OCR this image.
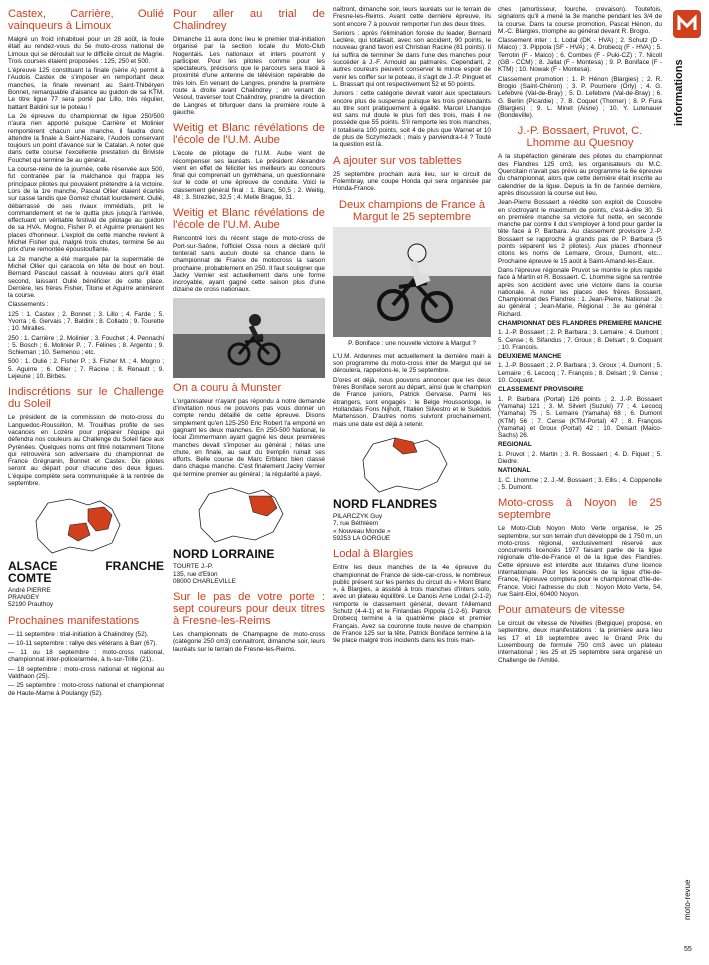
Castex, Carrière, Oulié vainqueurs à Limoux

Malgré un froid inhabituel pour un 28 août, la foule était au rendez-vous du 5e moto-cross national de Limoux qui se déroulait sur le difficile circuit de Magrie. Trois courses étaient proposées : 125, 250 et 500.

L'épreuve 125 constituant la finale (série A) permit à l'Audois Castex de s'imposer en remportant deux manches, la finale revenant au Saint-Thibéryen Bonnet, remarquable d'aisance au guidon de sa KTM. Le titre ligue 77 sera porté par Lillo, très régulier, battant Baldini sur le poteau !

La 2e épreuve du championnat de ligue 250/500 n'aura rien apporté puisque Carrière et Molinier remportèrent chacun une manche, il faudra donc attendre la finale à Saint-Nazaire, l'Audois conservant toujours un point d'avance sur le Catalan. A noter que dans cette course l'excellente prestation du Briviste Fouchet qui termine 3e au général.

La course-reine de la journée, celle réservée aux 500, fut contrariée par la malchance qui frappa les principaux pilotes qui pouvaient prétendre à la victoire. Lors de la 1re manche, Pascal Ollier étaient écartés sur casse tandis que Gomez chutait lourdement. Oulié, débarrassé de ses rivaux immédiats, prit le commandement et ne le quitta plus jusqu'à l'arrivée, effectuant un véritable festival de pilotage au guidon de sa HVA. Mogno, Fisher P. et Aguirre prenaient les places d'honneur. L'exploit de cette manche revient à Michel Fisher qui, malgré trois chutes, termine 5e au prix d'une remontée époustouflante.

La 2e manche a été marquée par la supermatie de Michel Ollier qui caracola en tête de bout en bout. Bernard Pascaul cassait à nouveau alors qu'il était second, laissant Oulié bénéficier de cette place. Derrière, les frères Fisher, Titone et Aguirre animèrent la course.

Classements :

125 : 1. Castex ; 2. Bonnet ; 3. Lillo ; 4. Farde ; 5. Yvorra ; 6. Gervais ; 7. Baldini ; 8. Collado ; 9. Tourette ; 10. Miralles.

250 : 1. Carrière ; 2. Molinier ; 3. Fouchet ; 4. Pennachi ; 5. Bosch ; 6. Molinier P. ; 7. Félines ; 8. Argento ; 9. Schieman ; 10. Semenou ; etc.

500 : 1. Oulié ; 2. Fisher P. ; 3. Fisher M. ; 4. Mogno ; 5. Aguirre ; 6. Ollier ; 7. Racine ; 8. Renault ; 9. Lejeune ; 10. Birbes.

Indiscrétions sur le Challenge du Soleil

Le président de la commission de moto-cross du Languedoc-Roussillon, M. Trouilhas profite de ses vacances en Lozère pour préparer l'équipe qui défendra nos couleurs au Challenge du Soleil face aux Pyrénées. Quelques noms ont filtré notamment Titone qui retrouvera son adversaire du championnat de France Grégnanin, Bonnet et Castex. Dix pilotes seront au départ pour chacune des deux ligues. L'équipe complète sera communiquée à la rentrée de septembre.

ALSACE FRANCHE COMTE
André PIERRE
PRANGEY
52190 Prauthoy
Prochaines manifestations

— 11 septembre : trial-initiation à Chalindrey (52).

— 10-11 septembre : rallye des vétérans à Barr (67).

— 11 ou 18 septembre : moto-cross national, championnat inter-police/armée, à Is-sur-Trille (21).

— 18 septembre : moto-cross national et régional au Valdhaon (25).

— 25 septembre : moto-cross national et championnat de Haute-Marne à Poulangy (52).

Pour aller au trial de Chalindrey

Dimanche 11 aura donc lieu le premier trial-initiation organisé par la section locale du Moto-Club Nogentais. Les nationaux et inters pourront y participer. Pour les pilotes comme pour les spectateurs, précisons que le parcours sera tracé à proximité d'une antenne de télévision repérable de très loin. En venant de Langres, prendre la première route à droite avant Chalindrey ; en venant de Vesoul, traverser tout Chalindrey, prendre la direction de Langres et bifurquer dans la première route à gauche.

Weitig et Blanc révélations de l'école de l'U.M. Aube

L'école de pilotage de l'U.M. Aube vient de récompenser ses lauréats. Le président Alexandre vient en effet de féliciter les meilleurs au concours final qui comprenait un gymkhana, un questionnaire sur le code et une épreuve de conduite. Voici le classement général final : 1. Blanc, 50,5 ; 2. Weitig, 48 ; 3. Strezlec, 32,5 ; 4. Melle Brague, 31.

Weitig et Blanc révélations de l'école de l'U.M. Aube

Rencontré lors du récent stage de moto-cross de Port-sur-Saône, l'officiel Ossa nous a déclaré qu'il tenterait sans aucun doute sa chance dans le championnat de France de motocross la saison prochaine, probablement en 250. Il faut souligner que Jacky Vernier est actuellement dans une forme incroyable, ayant gagné cette saison plus d'une dizaine de cross nationaux.

On a couru à Munster

L'organisateur n'ayant pas répondu à notre demande d'invitation nous ne pouvons pas vous donner un compte rendu détaillé de cette épreuve. Disons simplement qu'en 125-250 Eric Robert l'a emporté en gagnant les deux manches. En 250-500 National, le local Zimmermann ayant gagné les deux premières manches devait s'imposer au général ; hélas une chute, en finale, au saut du tremplin ruinait ses efforts. Belle course de Marc Erblanc bien classé dans chaque manche. C'est finalement Jacky Vernier qui termine premier au général ; la régularité a payé.

NORD LORRAINE
TOURTE J.-P.
135, rue d'Etion
08000 CHARLEVILLE
Sur le pas de votre porte : sept coureurs pour deux titres à Fresne-les-Reims

Les championnats de Champagne de moto-cross (catégorie 250 cm3) connaitront, dimanche soir, leurs lauréats sur le terrain de Fresne-les-Reims.

naîtront, dimanche soir, leurs lauréats sur le terrain de Fresne-les-Reims. Avant cette dernière épreuve, ils sont encore 7 à pouvoir remporter l'un des deux titres.

Seniors : après l'élimination forcée du leader, Bernard Leclère, qui totalisait, avec son accident, 90 points, le nouveau grand favori est Christian Racine (81 points). Il lui suffira de terminer 3e dans l'une des manches pour succéder à J.-F. Arnould au palmarès. Cependant, 2 autres coureurs peuvent conserver le mince espoir de venir les coiffer sur le poteau, il s'agit de J.-P. Pinguet et L. Brassart qui ont respectivement 52 et 50 points.

Juniors : cette catégorie devrait valoir aux spectateurs encore plus de suspense puisque les trois prétendants au titre sont pratiquement à égalité. Marcel Lhanque est sans nul doute le plus fort des trois, mais il ne possède que 55 points. S'il remporte les trois manches, il totalisera 100 points, soit 4 de plus que Warnet et 10 de plus de Sczymezack ; mais y parviendra-t-il ? Toute la question est là.

A ajouter sur vos tablettes

25 septembre prochain aura lieu, sur le circuit de Folembray, une coupe Honda qui sera organisée par Honda-France.

Deux champions de France à Margut le 25 septembre

P. Boniface : une nouvelle victoire à Margut ?

L'U.M. Ardennes met actuellement la dernière main à son programme du moto-cross inter de Margut qui se déroulera, rappelons-le, le 25 septembre.

D'ores et déjà, nous pouvons annoncer que les deux frères Boniface seront au départ, ainsi que le champion de France juniors, Patrick Gervaise. Parmi les étrangers, sont engagés : le Belge Houssonloge, le Hollandais Fons Nijholt, l'Italien Silvestro et le Suédois Martensson. D'autres noms suivront prochainement, mais une date est déjà à retenir.

NORD FLANDRES
PILARCZYK Guy
7, rue Béthléem
« Nouveau Monde »
59253 LA GORGUE
Lodal à Blargies

Entre les deux manches de la 4e épreuve du championnat de France de side-car-cross, le nombreux public présent sur les pentes du circuit du « Mont Blanc », à Blargies, a assisté à trois manches d'inters solo, avec un plateau équilibré. Le Danois Arne Lodal (2-1-2) remporte le classement général, devant l'Allemand Schutz (4-4-1) et le Finlandais Pippola (1-2-6). Patrick Drobecq termine à la quatrième place et premier Français. Avez sa couronne toute neuve de champion de France 125 sur la tête, Patrick Boniface termine à la 9e place malgré trois incidents dans les trois man-

ches (amortisseur, fourche, crevaison). Toutefois, signalons qu'il a mené la 3e manche pendant les 3/4 de la course. Dans la course promotion, Pascal Hénon, du M.-C. Blargies, triomphe au général devant R. Brogio.

Classement inter : 1. Lodal (DK - HVA) ; 2. Schutz (D - Maico) ; 3. Pippola (SF - HVA) ; 4. Drobecq (F - HVA) ; 5. Terrotin (F - Maico) ; 6. Combes (F - Puki-CZ) ; 7. Nicoll (GB - CCM) ; 8. Jallat (F - Montesa) ; 9. P. Boniface (F - KTM) ; 10. Nowak (F - Montesa).

Classement promotion : 1. P. Hénon (Blargies) ; 2. R. Brogio (Saint-Chéron) ; 3. P. Pourriere (Orly) ; 4. G. Lefebvre (Val-de-Bray) ; 5. D. Lefebvre (Val-de-Bray) ; 6. G. Berlin (Picardie) ; 7. B. Coquet (Thomer) ; 8. P. Fura (Blargies) ; 9. L. Minet (Aisne) ; 10. Y. Lutenauer (Bondeville).

J.-P. Bossaert, Pruvot, C. Lhomme au Quesnoy

A la stupéfaction générale des pilotes du championnat des Flandres 125 cm3, les organisateurs du M.C. Quercitain n'avait pas prévu au programme la 6e épreuve du championnat, alors que cette dernière était inscrite au calendrier de la ligue. Depuis la fin de l'année dernière, après discussion la course eut lieu.

Jean-Pierre Bossaert a réédité son exploit de Cousolre en s'octroyant le maximum de points, c'est-à-dire 30. Si en première manche sa victoire fut nette, en seconde manche par contre il dut s'employer à fond pour garder la tête face à P. Barbara. Au classement provisoire J.-P. Bossaert se rapproche à grands pas de P. Barbara (5 points séparent les 2 pilotes). Aux places d'honneur citons les noms de Lemaire, Groux, Dumont, etc... Prochaine épreuve le 15 août à Saint-Amand-les-Eaux.

Dans l'épreuve régionale Pruvot se montre le plus rapide face à Martin et R. Bossaert. C. Lhomme signe sa rentrée après son accident avec une victoire dans la course nationale. A noter les places des frères Bossaert, Championnat des Flandres : 1. Jean-Pierre, National : 2e au général ; Jean-Marie, Régional : 3e au général : Richard.

CHAMPIONNAT DES FLANDRES PREMIERE MANCHE

1. J.-P. Bossaert ; 2. P. Barbara ; 3. Lemaire ; 4. Dumont ; 5. Cense ; 6. Sifandus ; 7. Groux ; 8. Delsart ; 9. Coquant ; 10. Francois.

DEUXIEME MANCHE

1. J.-P. Bossaert ; 2. P. Barbara ; 3. Groux ; 4. Dumont ; 5. Lemaire ; 6. Lecocq ; 7. François ; 8. Delsart ; 9. Cense ; 10. Coquant.

CLASSEMENT PROVISOIRE

1. P. Barbara (Portal) 126 points ; 2. J.-P. Bossaert (Yamaha) 121 ; 3. M. Silvert (Suzuki) 77 ; 4. Lecocq (Yamaha) 75 ; 5. Lemaire (Yamaha) 68 ; 6. Dumont (KTM) 56 ; 7. Cense (KTM-Portal) 47 ; 8. François (Yamaha) et Groux (Portal) 42 ; 10. Delsart (Maico-Sachs) 26.

REGIONAL

1. Pruvot ; 2. Martin ; 3. R. Bossaert ; 4. D. Fiquet ; 5. Diedre.

NATIONAL

1. C. Lhomme ; 2. J.-M. Bossaert ; 3. Ellis ; 4. Coppenolle ; 5. Dumont.

Moto-cross à Noyon le 25 septembre

Le Moto-Club Noyon Moto Verte organise, le 25 septembre, sur son terrain d'un développé de 1 750 m, un moto-cross régional, exclusivement réservé aux concurrents licenciés 1977 faisant partie de la ligue régionale d'Ile-de-France et de la ligue des Flandres. Cette épreuve est interdite aux titulaires d'une licence internationale. Pour les licenciés de la ligue d'Ile-de-France, l'épreuve comptera pour le championnat d'Ile-de-France. Voici l'adresse du club : Noyon Moto Verte, 54, rue Saint-Eloi, 60400 Noyon.

Pour amateurs de vitesse

Le circuit de vitesse de Nivelles (Belgique) propose, en septembre, deux manifestations : la première aura lieu les 17 et 18 septembre avec le Grand Prix du Luxembourg de formule 750 cm3 avec un plateau international ; les 25 et 25 septembre sera organisé un Challenge de l'Amitié.

informations
moto-revue
55
